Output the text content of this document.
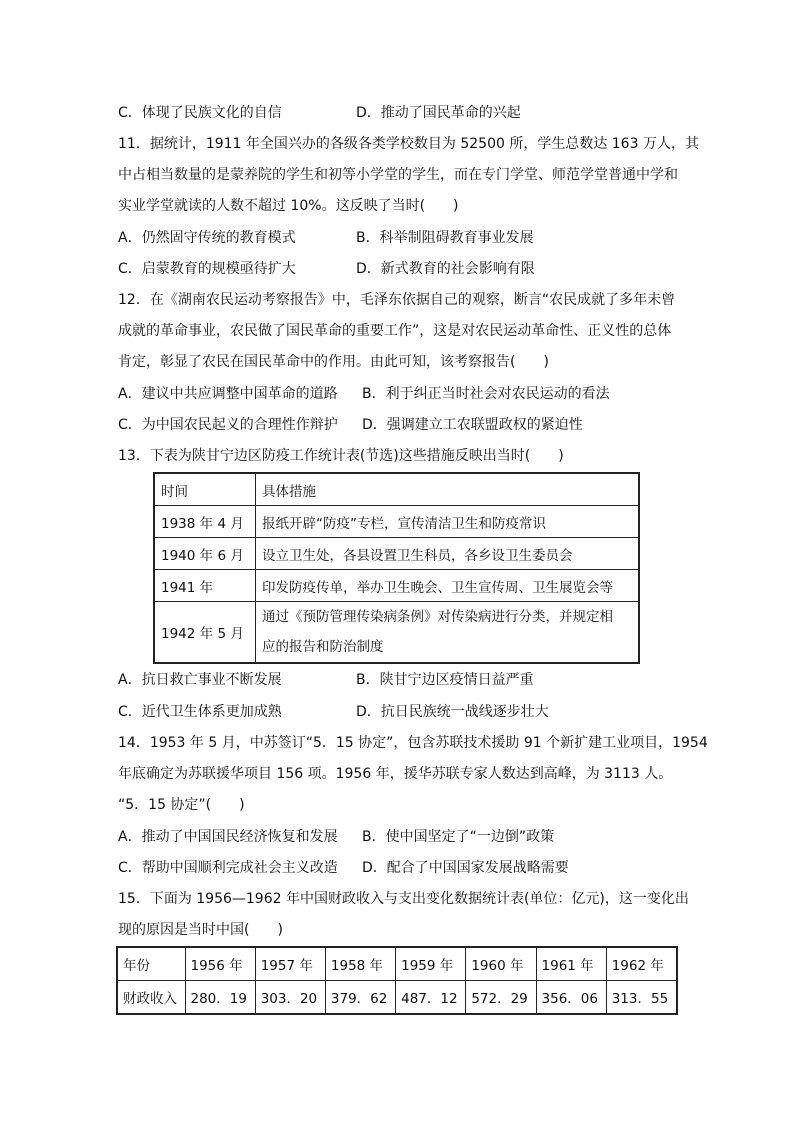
C．体现了民族文化的自信	D．推动了国民革命的兴起
11．据统计，1911 年全国兴办的各级各类学校数目为 52500 所，学生总数达 163 万人，其
中占相当数量的是蒙养院的学生和初等小学堂的学生，而在专门学堂、师范学堂普通中学和
实业学堂就读的人数不超过 10%。这反映了当时(　　)
A．仍然固守传统的教育模式	B．科举制阻碍教育事业发展
C．启蒙教育的规模亟待扩大	D．新式教育的社会影响有限
12．在《湖南农民运动考察报告》中，毛泽东依据自己的观察，断言“农民成就了多年未曾
成就的革命事业，农民做了国民革命的重要工作”，这是对农民运动革命性、正义性的总体
肯定，彰显了农民在国民革命中的作用。由此可知，该考察报告(　　)
A．建议中共应调整中国革命的道路 B．利于纠正当时社会对农民运动的看法
C．为中国农民起义的合理性作辩护 D．强调建立工农联盟政权的紧迫性
13．下表为陕甘宁边区防疫工作统计表(节选)这些措施反映出当时(　　)
时间	具体措施
1938 年 4 月	报纸开辟“防疫”专栏，宣传清洁卫生和防疫常识
1940 年 6 月	设立卫生处，各县设置卫生科员，各乡设卫生委员会
1941 年	印发防疫传单，举办卫生晚会、卫生宣传周、卫生展览会等
1942 年 5 月	通过《预防管理传染病条例》对传染病进行分类，并规定相
应的报告和防治制度
A．抗日救亡事业不断发展	B．陕甘宁边区疫情日益严重
C．近代卫生体系更加成熟	D．抗日民族统一战线逐步壮大
14．1953 年 5 月，中苏签订“5．15 协定”，包含苏联技术援助 91 个新扩建工业项目，1954
年底确定为苏联援华项目 156 项。1956 年，援华苏联专家人数达到高峰，为 3113 人。
“5．15 协定”(　　)
A．推动了中国国民经济恢复和发展 B．使中国坚定了“一边倒”政策
C．帮助中国顺利完成社会主义改造 D．配合了中国国家发展战略需要
15．下面为 1956—1962 年中国财政收入与支出变化数据统计表(单位：亿元)，这一变化出
现的原因是当时中国(　　)
年份	1956 年	1957 年	1958 年	1959 年	1960 年	1961 年	1962 年
财政收入	280．19	303．20	379．62	487．12	572．29	356．06	313．55
